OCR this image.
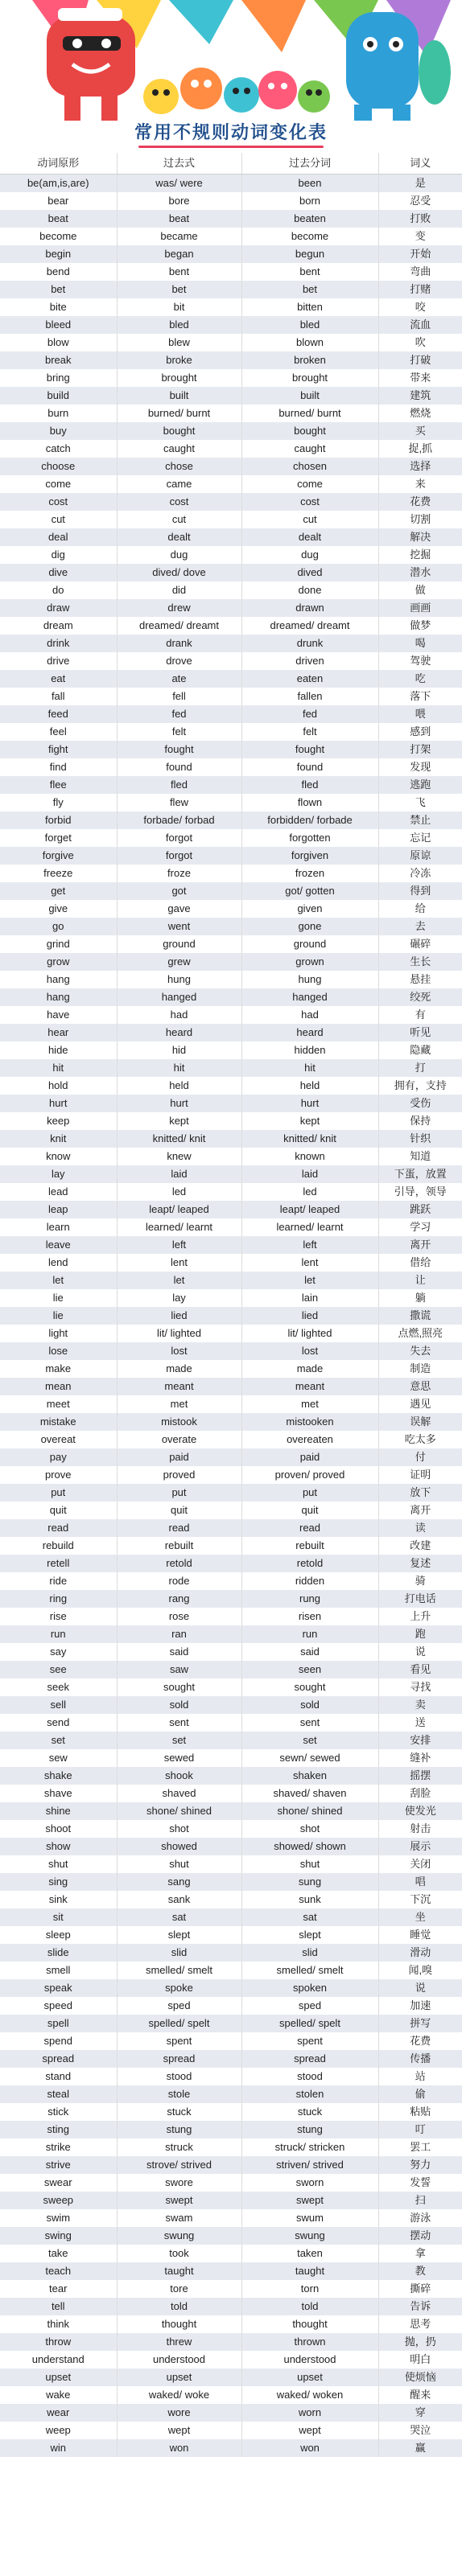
常用不规则动词变化表
动词原形	过去式	过去分词	词义
be(am,is,are)	was/ were	been	是
bear	bore	born	忍受
beat	beat	beaten	打败
become	became	become	变
begin	began	begun	开始
bend	bent	bent	弯曲
bet	bet	bet	打赌
bite	bit	bitten	咬
bleed	bled	bled	流血
blow	blew	blown	吹
break	broke	broken	打破
bring	brought	brought	带来
build	built	built	建筑
burn	burned/ burnt	burned/ burnt	燃烧
buy	bought	bought	买
catch	caught	caught	捉,抓
choose	chose	chosen	选择
come	came	come	来
cost	cost	cost	花费
cut	cut	cut	切割
deal	dealt	dealt	解决
dig	dug	dug	挖掘
dive	dived/ dove	dived	潜水
do	did	done	做
draw	drew	drawn	画画
dream	dreamed/ dreamt	dreamed/ dreamt	做梦
drink	drank	drunk	喝
drive	drove	driven	驾驶
eat	ate	eaten	吃
fall	fell	fallen	落下
feed	fed	fed	喂
feel	felt	felt	感到
fight	fought	fought	打架
find	found	found	发现
flee	fled	fled	逃跑
fly	flew	flown	飞
forbid	forbade/ forbad	forbidden/ forbade	禁止
forget	forgot	forgotten	忘记
forgive	forgot	forgiven	原谅
freeze	froze	frozen	冷冻
get	got	got/ gotten	得到
give	gave	given	给
go	went	gone	去
grind	ground	ground	碾碎
grow	grew	grown	生长
hang	hung	hung	悬挂
hang	hanged	hanged	绞死
have	had	had	有
hear	heard	heard	听见
hide	hid	hidden	隐藏
hit	hit	hit	打
hold	held	held	拥有，支持
hurt	hurt	hurt	受伤
keep	kept	kept	保持
knit	knitted/ knit	knitted/ knit	针织
know	knew	known	知道
lay	laid	laid	下蛋，放置
lead	led	led	引导，领导
leap	leapt/ leaped	leapt/ leaped	跳跃
learn	learned/ learnt	learned/ learnt	学习
leave	left	left	离开
lend	lent	lent	借给
let	let	let	让
lie	lay	lain	躺
lie	lied	lied	撒谎
light	lit/ lighted	lit/ lighted	点燃,照亮
lose	lost	lost	失去
make	made	made	制造
mean	meant	meant	意思
meet	met	met	遇见
mistake	mistook	mistooken	误解
overeat	overate	overeaten	吃太多
pay	paid	paid	付
prove	proved	proven/ proved	证明
put	put	put	放下
quit	quit	quit	离开
read	read	read	读
rebuild	rebuilt	rebuilt	改建
retell	retold	retold	复述
ride	rode	ridden	骑
ring	rang	rung	打电话
rise	rose	risen	上升
run	ran	run	跑
say	said	said	说
see	saw	seen	看见
seek	sought	sought	寻找
sell	sold	sold	卖
send	sent	sent	送
set	set	set	安排
sew	sewed	sewn/ sewed	缝补
shake	shook	shaken	摇摆
shave	shaved	shaved/ shaven	刮脸
shine	shone/ shined	shone/ shined	使发光
shoot	shot	shot	射击
show	showed	showed/ shown	展示
shut	shut	shut	关闭
sing	sang	sung	唱
sink	sank	sunk	下沉
sit	sat	sat	坐
sleep	slept	slept	睡觉
slide	slid	slid	滑动
smell	smelled/ smelt	smelled/ smelt	闻,嗅
speak	spoke	spoken	说
speed	sped	sped	加速
spell	spelled/ spelt	spelled/ spelt	拼写
spend	spent	spent	花费
spread	spread	spread	传播
stand	stood	stood	站
steal	stole	stolen	偷
stick	stuck	stuck	粘贴
sting	stung	stung	叮
strike	struck	struck/ stricken	罢工
strive	strove/ strived	striven/ strived	努力
swear	swore	sworn	发誓
sweep	swept	swept	扫
swim	swam	swum	游泳
swing	swung	swung	摆动
take	took	taken	拿
teach	taught	taught	教
tear	tore	torn	撕碎
tell	told	told	告诉
think	thought	thought	思考
throw	threw	thrown	抛，扔
understand	understood	understood	明白
upset	upset	upset	使烦恼
wake	waked/ woke	waked/ woken	醒来
wear	wore	worn	穿
weep	wept	wept	哭泣
win	won	won	赢
